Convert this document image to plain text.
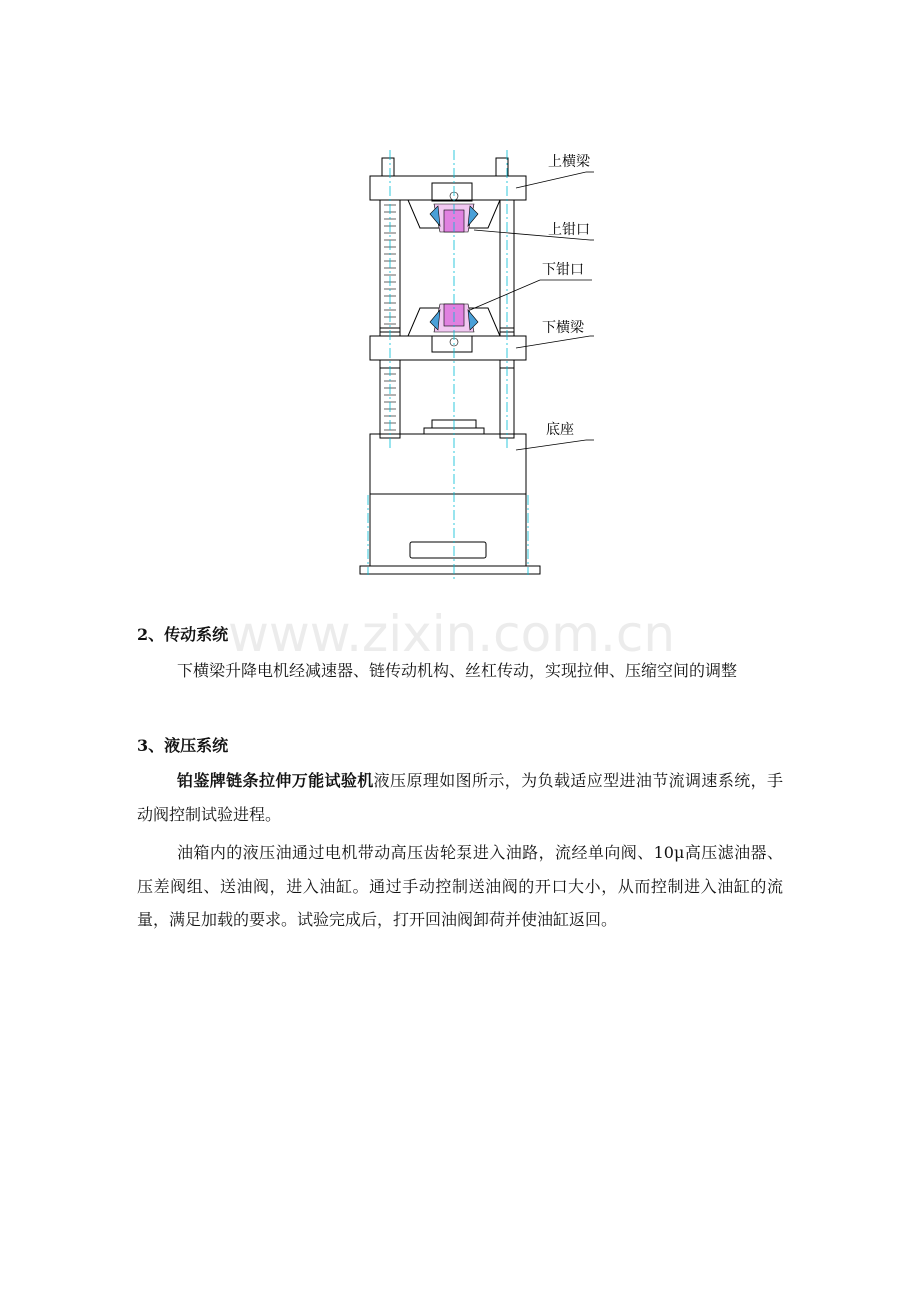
上横梁
上钳口
下钳口
下横梁
底座
www.zixin.com.cn
2、传动系统
下横梁升降电机经减速器、链传动机构、丝杠传动，实现拉伸、压缩空间的调整
3、液压系统
铂鉴牌链条拉伸万能试验机液压原理如图所示，为负载适应型进油节流调速系统，手动阀控制试验进程。
油箱内的液压油通过电机带动高压齿轮泵进入油路，流经单向阀、10μ高压滤油器、压差阀组、送油阀，进入油缸。通过手动控制送油阀的开口大小，从而控制进入油缸的流量，满足加载的要求。试验完成后，打开回油阀卸荷并使油缸返回。
